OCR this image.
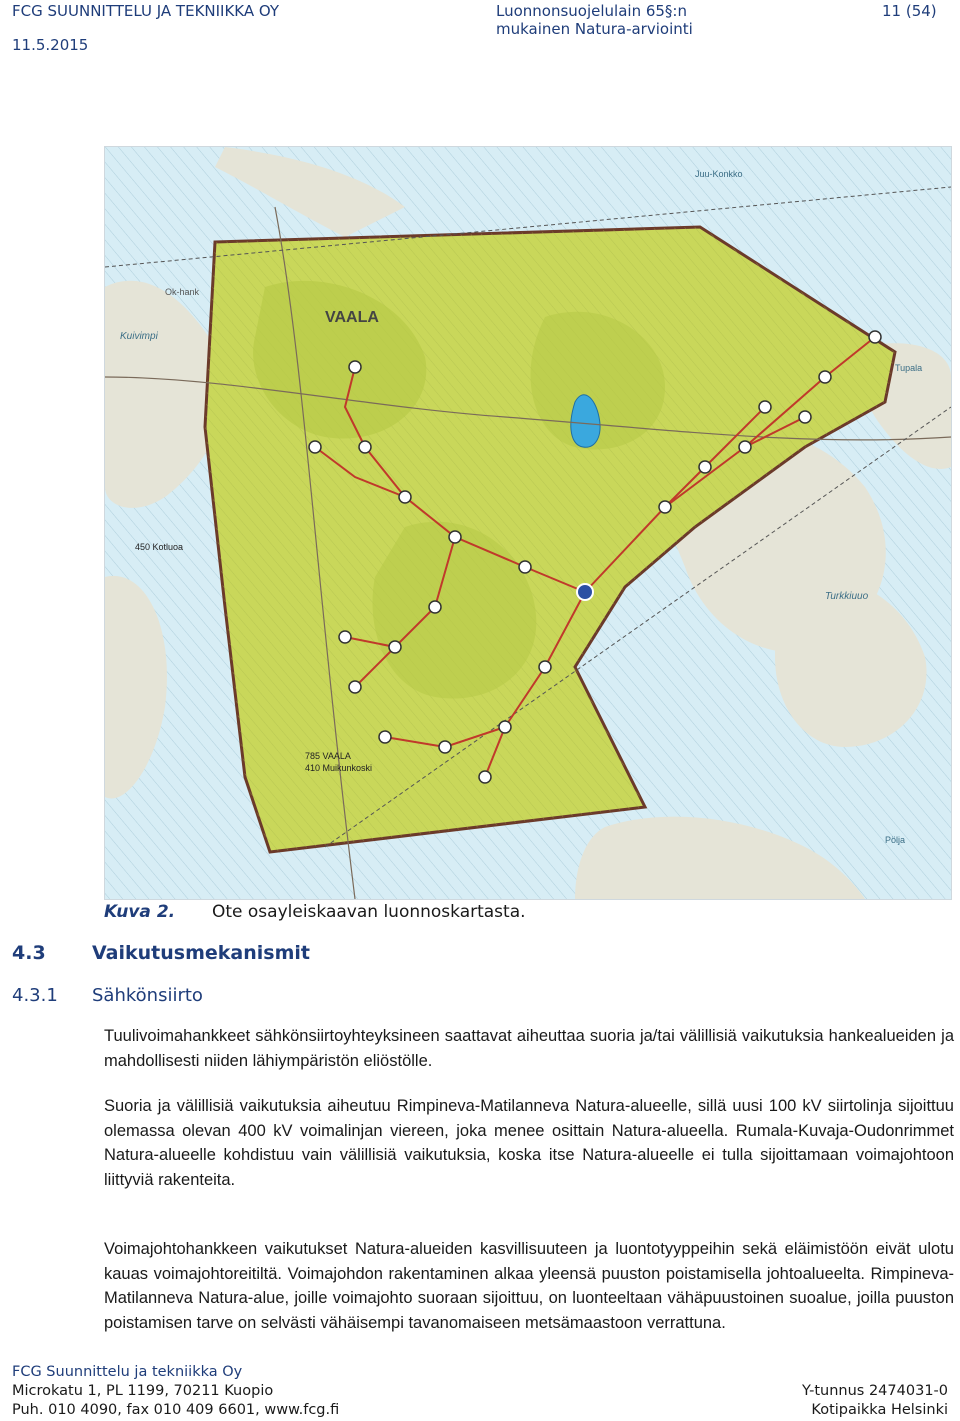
FCG SUUNNITTELU JA TEKNIIKKA OY
11.5.2015
Luonnonsuojelulain 65§:n
mukainen Natura-arviointi
11 (54)
VAALA
Kuivimpi
Turkkiuuo
Pölja
785 VAALA
410 Muikunkoski
450 Kotluoa
Juu-Konkko
Tupala
Ok-hank
Kuva 2. Ote osayleiskaavan luonnoskartasta.
4.3 Vaikutusmekanismit
4.3.1 Sähkönsiirto

Tuulivoimahankkeet sähkönsiirtoyhteyksineen saattavat aiheuttaa suoria ja/tai välillisiä vaikutuksia hankealueiden ja mahdollisesti niiden lähiympäristön eliöstölle.

Suoria ja välillisiä vaikutuksia aiheutuu Rimpineva-Matilanneva Natura-alueelle, sillä uusi 100 kV siirtolinja sijoittuu olemassa olevan 400 kV voimalinjan viereen, joka menee osittain Natura-alueella. Rumala-Kuvaja-Oudonrimmet Natura-alueelle kohdistuu vain välillisiä vaikutuksia, koska itse Natura-alueelle ei tulla sijoittamaan voimajohtoon liittyviä rakenteita.

Voimajohtohankkeen vaikutukset Natura-alueiden kasvillisuuteen ja luontotyyppeihin sekä eläimistöön eivät ulotu kauas voimajohtoreitiltä. Voimajohdon rakentaminen alkaa yleensä puuston poistamisella johtoalueelta. Rimpineva-Matilanneva Natura-alue, joille voimajohto suoraan sijoittuu, on luonteeltaan vähäpuustoinen suoalue, joilla puuston poistamisen tarve on selvästi vähäisempi tavanomaiseen metsämaastoon verrattuna.

FCG Suunnittelu ja tekniikka Oy
Microkatu 1, PL 1199, 70211 Kuopio
Puh. 010 4090, fax 010 409 6601, www.fcg.fi
Y-tunnus 2474031-0
Kotipaikka Helsinki
